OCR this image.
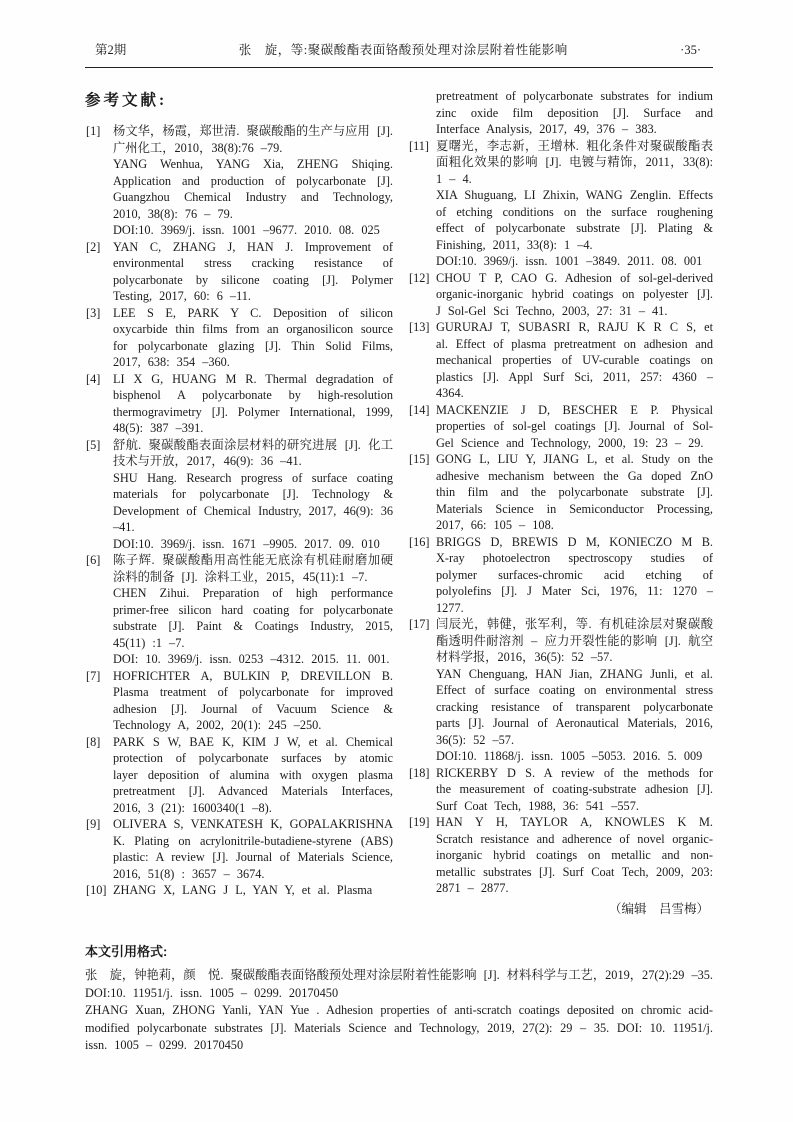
第2期	张　旋，等:聚碳酸酯表面铬酸预处理对涂层附着性能影响	·35·
参考文献:
[1] 杨文华，杨霞，郑世清. 聚碳酸酯的生产与应用 [J]. 广州化工，2010，38(8):76 –79.
YANG Wenhua, YANG Xia, ZHENG Shiqing. Application and production of polycarbonate [J]. Guangzhou Chemical Industry and Technology, 2010, 38(8): 76 – 79.
DOI:10. 3969/j. issn. 1001 –9677. 2010. 08. 025
[2] YAN C, ZHANG J, HAN J. Improvement of environmental stress cracking resistance of polycarbonate by silicone coating [J]. Polymer Testing, 2017, 60: 6 –11.
[3] LEE S E, PARK Y C. Deposition of silicon oxycarbide thin films from an organosilicon source for polycarbonate glazing [J]. Thin Solid Films, 2017, 638: 354 –360.
[4] LI X G, HUANG M R. Thermal degradation of bisphenol A polycarbonate by high-resolution thermogravimetry [J]. Polymer International, 1999, 48(5): 387 –391.
[5] 舒航. 聚碳酸酯表面涂层材料的研究进展 [J]. 化工技术与开放，2017，46(9): 36 –41.
SHU Hang. Research progress of surface coating materials for polycarbonate [J]. Technology & Development of Chemical Industry, 2017, 46(9): 36 –41.
DOI:10. 3969/j. issn. 1671 –9905. 2017. 09. 010
[6] 陈子辉. 聚碳酸酯用高性能无底涂有机硅耐磨加硬涂料的制备 [J]. 涂料工业，2015，45(11):1 –7.
CHEN Zihui. Preparation of high performance primer-free silicon hard coating for polycarbonate substrate [J]. Paint & Coatings Industry, 2015, 45(11) :1 –7.
DOI: 10. 3969/j. issn. 0253 –4312. 2015. 11. 001.
[7] HOFRICHTER A, BULKIN P, DREVILLON B. Plasma treatment of polycarbonate for improved adhesion [J]. Journal of Vacuum Science & Technology A, 2002, 20(1): 245 –250.
[8] PARK S W, BAE K, KIM J W, et al. Chemical protection of polycarbonate surfaces by atomic layer deposition of alumina with oxygen plasma pretreatment [J]. Advanced Materials Interfaces, 2016, 3 (21): 1600340(1 –8).
[9] OLIVERA S, VENKATESH K, GOPALAKRISHNA K. Plating on acrylonitrile-butadiene-styrene (ABS) plastic: A review [J]. Journal of Materials Science, 2016, 51(8) : 3657 – 3674.
[10] ZHANG X, LANG J L, YAN Y, et al. Plasma
pretreatment of polycarbonate substrates for indium zinc oxide film deposition [J]. Surface and Interface Analysis, 2017, 49, 376 – 383.
[11] 夏曙光，李志新，王增林. 粗化条件对聚碳酸酯表面粗化效果的影响 [J]. 电镀与精饰，2011，33(8): 1 – 4.
XIA Shuguang, LI Zhixin, WANG Zenglin. Effects of etching conditions on the surface roughening effect of polycarbonate substrate [J]. Plating & Finishing, 2011, 33(8): 1 –4.
DOI:10. 3969/j. issn. 1001 –3849. 2011. 08. 001
[12] CHOU T P, CAO G. Adhesion of sol-gel-derived organic-inorganic hybrid coatings on polyester [J]. J Sol-Gel Sci Techno, 2003, 27: 31 – 41.
[13] GURURAJ T, SUBASRI R, RAJU K R C S, et al. Effect of plasma pretreatment on adhesion and mechanical properties of UV-curable coatings on plastics [J]. Appl Surf Sci, 2011, 257: 4360 –4364.
[14] MACKENZIE J D, BESCHER E P. Physical properties of sol-gel coatings [J]. Journal of Sol-Gel Science and Technology, 2000, 19: 23 – 29.
[15] GONG L, LIU Y, JIANG L, et al. Study on the adhesive mechanism between the Ga doped ZnO thin film and the polycarbonate substrate [J]. Materials Science in Semiconductor Processing, 2017, 66: 105 – 108.
[16] BRIGGS D, BREWIS D M, KONIECZO M B. X-ray photoelectron spectroscopy studies of polymer surfaces-chromic acid etching of polyolefins [J]. J Mater Sci, 1976, 11: 1270 – 1277.
[17] 闫辰光，韩健，张军利，等. 有机硅涂层对聚碳酸酯透明件耐溶剂 – 应力开裂性能的影响 [J]. 航空材料学报，2016，36(5): 52 –57.
YAN Chenguang, HAN Jian, ZHANG Junli, et al. Effect of surface coating on environmental stress cracking resistance of transparent polycarbonate parts [J]. Journal of Aeronautical Materials, 2016, 36(5): 52 –57.
DOI:10. 11868/j. issn. 1005 –5053. 2016. 5. 009
[18] RICKERBY D S. A review of the methods for the measurement of coating-substrate adhesion [J]. Surf Coat Tech, 1988, 36: 541 –557.
[19] HAN Y H, TAYLOR A, KNOWLES K M. Scratch resistance and adherence of novel organic-inorganic hybrid coatings on metallic and non-metallic substrates [J]. Surf Coat Tech, 2009, 203: 2871 – 2877.
（编辑　吕雪梅）
本文引用格式:

张　旋，钟艳莉，颜　悦. 聚碳酸酯表面铬酸预处理对涂层附着性能影响 [J]. 材料科学与工艺，2019，27(2):29 –35. DOI:10. 11951/j. issn. 1005 – 0299. 20170450

ZHANG Xuan, ZHONG Yanli, YAN Yue . Adhesion properties of anti-scratch coatings deposited on chromic acid-modified polycarbonate substrates [J]. Materials Science and Technology, 2019, 27(2): 29 – 35. DOI: 10. 11951/j. issn. 1005 – 0299. 20170450
